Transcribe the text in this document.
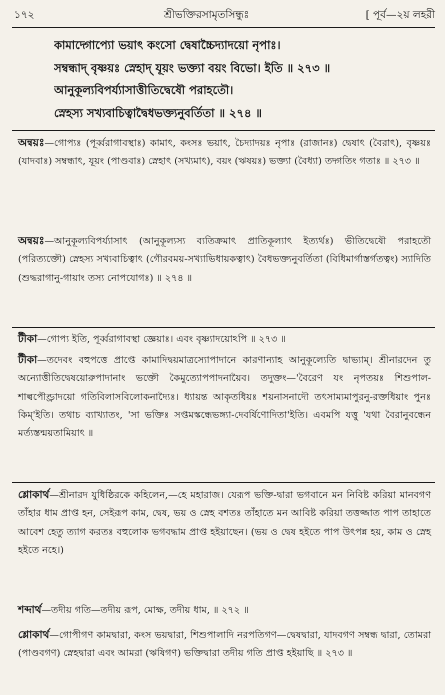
১৭২	শ্রীভক্তিরসামৃতসিন্ধুঃ	[ পূর্ব—২য় লহরী
কামাদ্গোপ্যো ভয়াৎ কংসো দ্বেষাচ্চৈদ্যাদয়ো নৃপাঃ।
সম্বন্ধাদ্ বৃষ্ণয়ঃ স্নেহাদ্ যূয়ং ভক্ত্যা বয়ং বিভো। ইতি ॥ ২৭৩ ॥
আনুকূল্যবিপর্য্যাসাত্তীতিদ্বেষৌ পরাহতৌ।
স্নেহস্য সখ্যবাচিত্বাদ্বৈধভক্ত্যনুবর্তিতা ॥ ২৭৪ ॥

অন্বয়ঃ—গোপ্যঃ (পূর্ব্বরাগাবস্থাঃ) কামাৎ, কংসঃ ভয়াৎ, চৈদ্যাদয়ঃ নৃপাঃ (রাজানঃ) দ্বেষাৎ (বৈরাৎ), বৃষ্ণয়ঃ (যাদবাঃ) সম্বন্ধাৎ, যূয়ং (পাণ্ডবাঃ) স্নেহাৎ (সখ্যমাৎ), বয়ং (ঋষয়ঃ) ভক্ত্যা (বৈধ্যা) তদ্গতিং গতাঃ ॥ ২৭৩ ॥

অন্বয়ঃ—আনুকূল্যবিপর্য্যাসাৎ (আনুকূল্যস্য ব্যতিক্রমাৎ প্রাতিকূল্যাৎ ইত্যর্থঃ) ভীতিদ্বেষৌ পরাহতৌ (পরিত্যক্তৌ) স্নেহস্য সখ্যবাচিত্বাৎ (গৌরবময়-সখ্যাভিধায়কত্বাৎ) বৈধভক্ত্যনুবর্তিতা (বিধিমার্গাস্তর্গতত্বং) স্যাদিতি (শুদ্ধরাগানু-গায়াং তস্য নোপযোগঃ) ॥ ২৭৪ ॥

টীকা—গোপ্য ইতি, পূর্ব্বরাগাবস্থা জ্ঞেয়াঃ। এবং বৃষ্ণ্যাদয়োঽপি ॥ ২৭৩ ॥

টীকা—তদেবং বহুপত্তে প্রাপ্তে কামাদিদ্বয়মাত্রস্যোপাদানে কারণান্যাহ আনুকূল্যেতি দ্বাভ্যাম্। শ্রীনারদেন তু অন্যোত্তীতিদ্বেষয়োরুপাদানাং ভক্তৌ কৈমুত্যোপপাদনায়ৈব। তদুক্তং—'বৈরেণ যং নৃপতয়ঃ শিশুপাল-শাল্বপৌণ্ড্রাদয়ো গতিবিলাসবিলোকনাদ্যৈঃ। ধ্যায়ন্ত আকৃতধিয়ঃ শয়নাসনাদৌ তৎসাম্যমাপুরনু-রক্তধিয়াং পুনঃ কিম্'ইতি। তথাচ ব্যাখ্যাতং, 'সা ভক্তিঃ সপ্তমস্কন্ধেভঙ্গ্যা-দেবর্ষিণোদিতা'ইতি। এবমপি যত্তু 'যথা বৈরানুবন্ধেন মর্ত্যস্তন্ময়তামিয়াৎ ॥

শ্লোকার্থ—শ্রীনারদ যুধিষ্ঠিরকে কহিলেন,—হে মহারাজ। যেরূপ ভক্তি-দ্বারা ভগবানে মন নিবিষ্ট করিয়া মানবগণ তাঁহার ধাম প্রাপ্ত হন, সেইরূপ কাম, দ্বেষ, ভয় ও স্নেহ বশতঃ তাঁহাতে মন আবিষ্ট করিয়া তত্তজ্জাত পাপ তাহাতে আবেশ হেতু ত্যাগ করতঃ বহুলোক ভগবদ্ধাম প্রাপ্ত হইয়াছেন। (ভয় ও দ্বেষ হইতে পাপ উৎপন্ন হয়, কাম ও স্নেহ হইতে নহে।)

শব্দার্থ—তদীয় গতি—তদীয় রূপ, মোক্ষ, তদীয় ধাম, ॥ ২৭২ ॥

শ্লোকার্থ—গোপীগণ কামদ্বারা, কংস ভয়দ্বারা, শিশুপালাদি নরপতিগণ—দ্বেষদ্বারা, যাদবগণ সম্বন্ধ দ্বারা, তোমরা (পাণ্ডবগণ) স্নেহদ্বারা এবং আমরা (ঋষিগণ) ভক্তিদ্বারা তদীয় গতি প্রাপ্ত হইয়াছি ॥ ২৭৩ ॥
